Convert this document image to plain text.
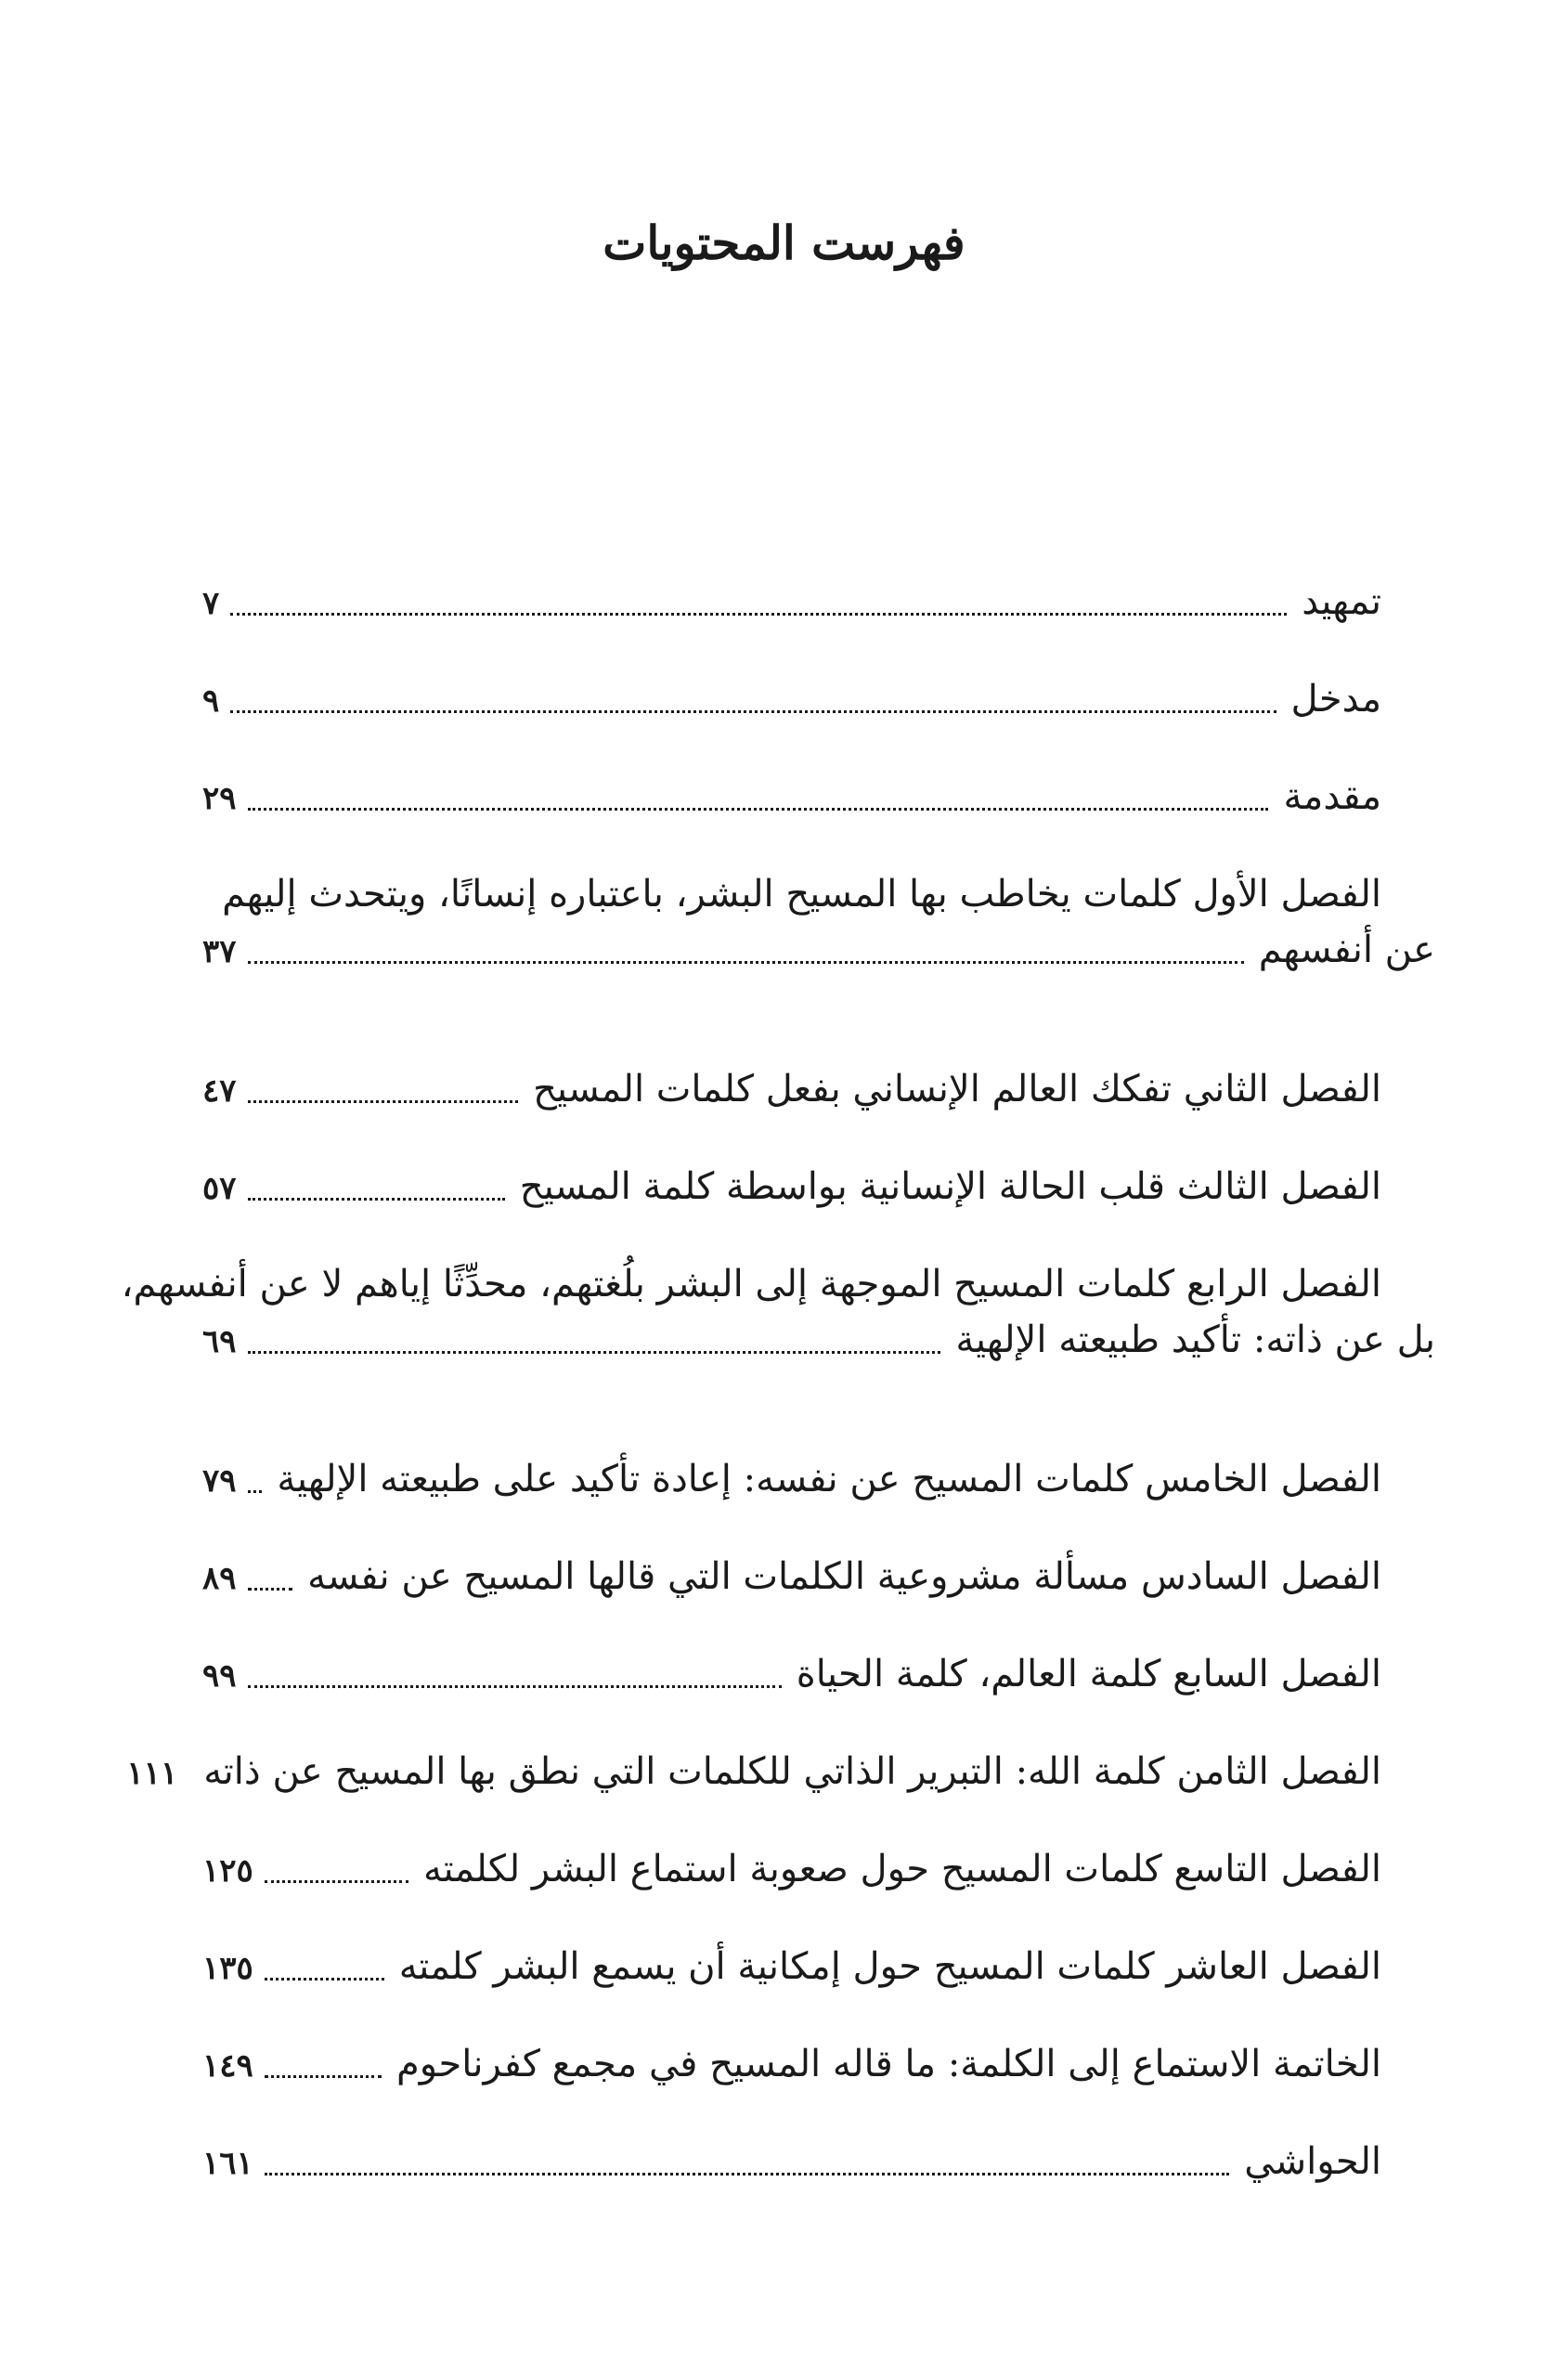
فهرست المحتويات
تمهيد
٧
مدخل
٩
مقدمة
٢٩
الفصل الأول كلمات يخاطب بها المسيح البشر، باعتباره إنسانًا، ويتحدث إليهم
عن أنفسهم
٣٧
الفصل الثاني تفكك العالم الإنساني بفعل كلمات المسيح
٤٧
الفصل الثالث قلب الحالة الإنسانية بواسطة كلمة المسيح
٥٧
الفصل الرابع كلمات المسيح الموجهة إلى البشر بلُغتهم، محدِّثًا إياهم لا عن أنفسهم،
بل عن ذاته: تأكيد طبيعته الإلهية
٦٩
الفصل الخامس كلمات المسيح عن نفسه: إعادة تأكيد على طبيعته الإلهية
٧٩
الفصل السادس مسألة مشروعية الكلمات التي قالها المسيح عن نفسه
٨٩
الفصل السابع كلمة العالم، كلمة الحياة
٩٩
الفصل الثامن كلمة الله: التبرير الذاتي للكلمات التي نطق بها المسيح عن ذاته
١١١
الفصل التاسع كلمات المسيح حول صعوبة استماع البشر لكلمته
١٢٥
الفصل العاشر كلمات المسيح حول إمكانية أن يسمع البشر كلمته
١٣٥
الخاتمة الاستماع إلى الكلمة: ما قاله المسيح في مجمع كفرناحوم
١٤٩
الحواشي
١٦١
